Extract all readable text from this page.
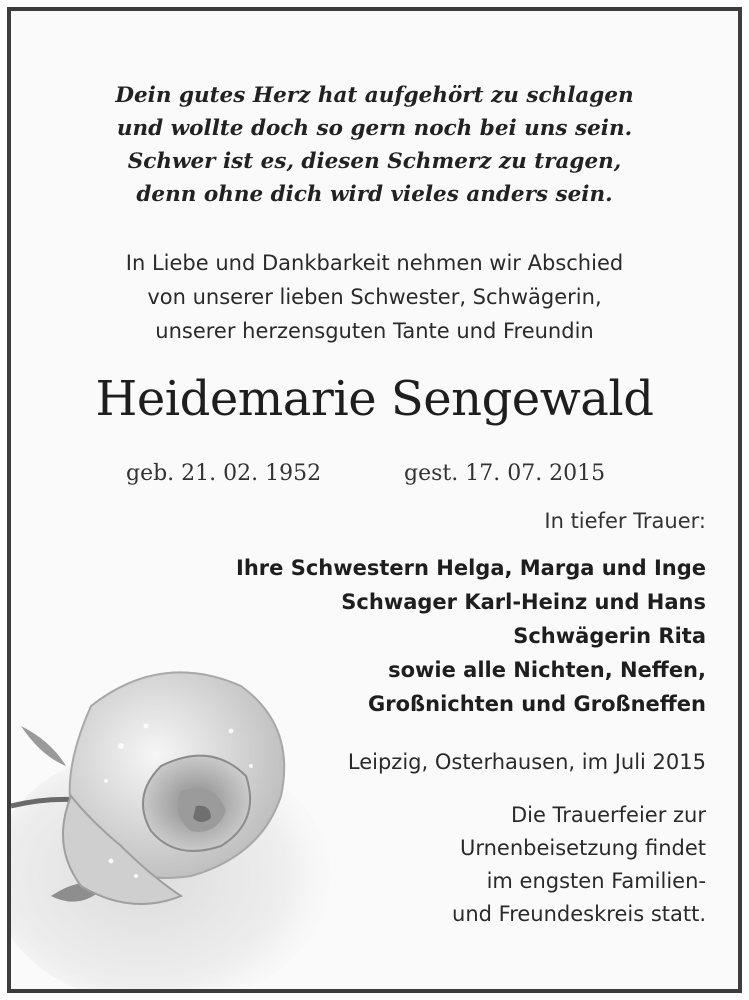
Dein gutes Herz hat aufgehört zu schlagen
und wollte doch so gern noch bei uns sein.
Schwer ist es, diesen Schmerz zu tragen,
denn ohne dich wird vieles anders sein.
In Liebe und Dankbarkeit nehmen wir Abschied
von unserer lieben Schwester, Schwägerin,
unserer herzensguten Tante und Freundin
Heidemarie Sengewald
geb. 21. 02. 1952	gest. 17. 07. 2015
In tiefer Trauer:
Ihre Schwestern Helga, Marga und Inge
Schwager Karl-Heinz und Hans
Schwägerin Rita
sowie alle Nichten, Neffen,
Großnichten und Großneffen
Leipzig, Osterhausen, im Juli 2015
Die Trauerfeier zur
Urnenbeisetzung findet
im engsten Familien-
und Freundeskreis statt.
